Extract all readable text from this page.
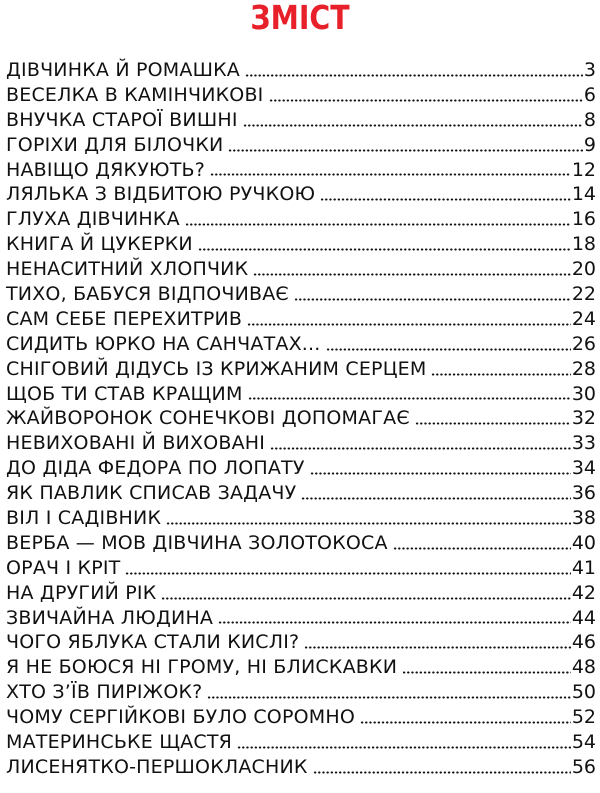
ЗМІСТ
ДІВЧИНКА Й РОМАШКА	3
ВЕСЕЛКА В КАМІНЧИКОВІ	6
ВНУЧКА СТАРОЇ ВИШНІ	8
ГОРІХИ ДЛЯ БІЛОЧКИ	9
НАВІЩО ДЯКУЮТЬ?	12
ЛЯЛЬКА З ВІДБИТОЮ РУЧКОЮ	14
ГЛУХА ДІВЧИНКА	16
КНИГА Й ЦУКЕРКИ	18
НЕНАСИТНИЙ ХЛОПЧИК	20
ТИХО, БАБУСЯ ВІДПОЧИВАЄ	22
САМ СЕБЕ ПЕРЕХИТРИВ	24
СИДИТЬ ЮРКО НА САНЧАТАХ...	26
СНІГОВИЙ ДІДУСЬ ІЗ КРИЖАНИМ СЕРЦЕМ	28
ЩОБ ТИ СТАВ КРАЩИМ	30
ЖАЙВОРОНОК СОНЕЧКОВІ ДОПОМАГАЄ	32
НЕВИХОВАНІ Й ВИХОВАНІ	33
ДО ДІДА ФЕДОРА ПО ЛОПАТУ	34
ЯК ПАВЛИК СПИСАВ ЗАДАЧУ	36
ВІЛ І САДІВНИК	38
ВЕРБА — МОВ ДІВЧИНА ЗОЛОТОКОСА	40
ОРАЧ І КРІТ	41
НА ДРУГИЙ РІК	42
ЗВИЧАЙНА ЛЮДИНА	44
ЧОГО ЯБЛУКА СТАЛИ КИСЛІ?	46
Я НЕ БОЮСЯ НІ ГРОМУ, НІ БЛИСКАВКИ	48
ХТО З’ЇВ ПИРІЖОК?	50
ЧОМУ СЕРГІЙКОВІ БУЛО СОРОМНО	52
МАТЕРИНСЬКЕ ЩАСТЯ	54
ЛИСЕНЯТКО-ПЕРШОКЛАСНИК	56
